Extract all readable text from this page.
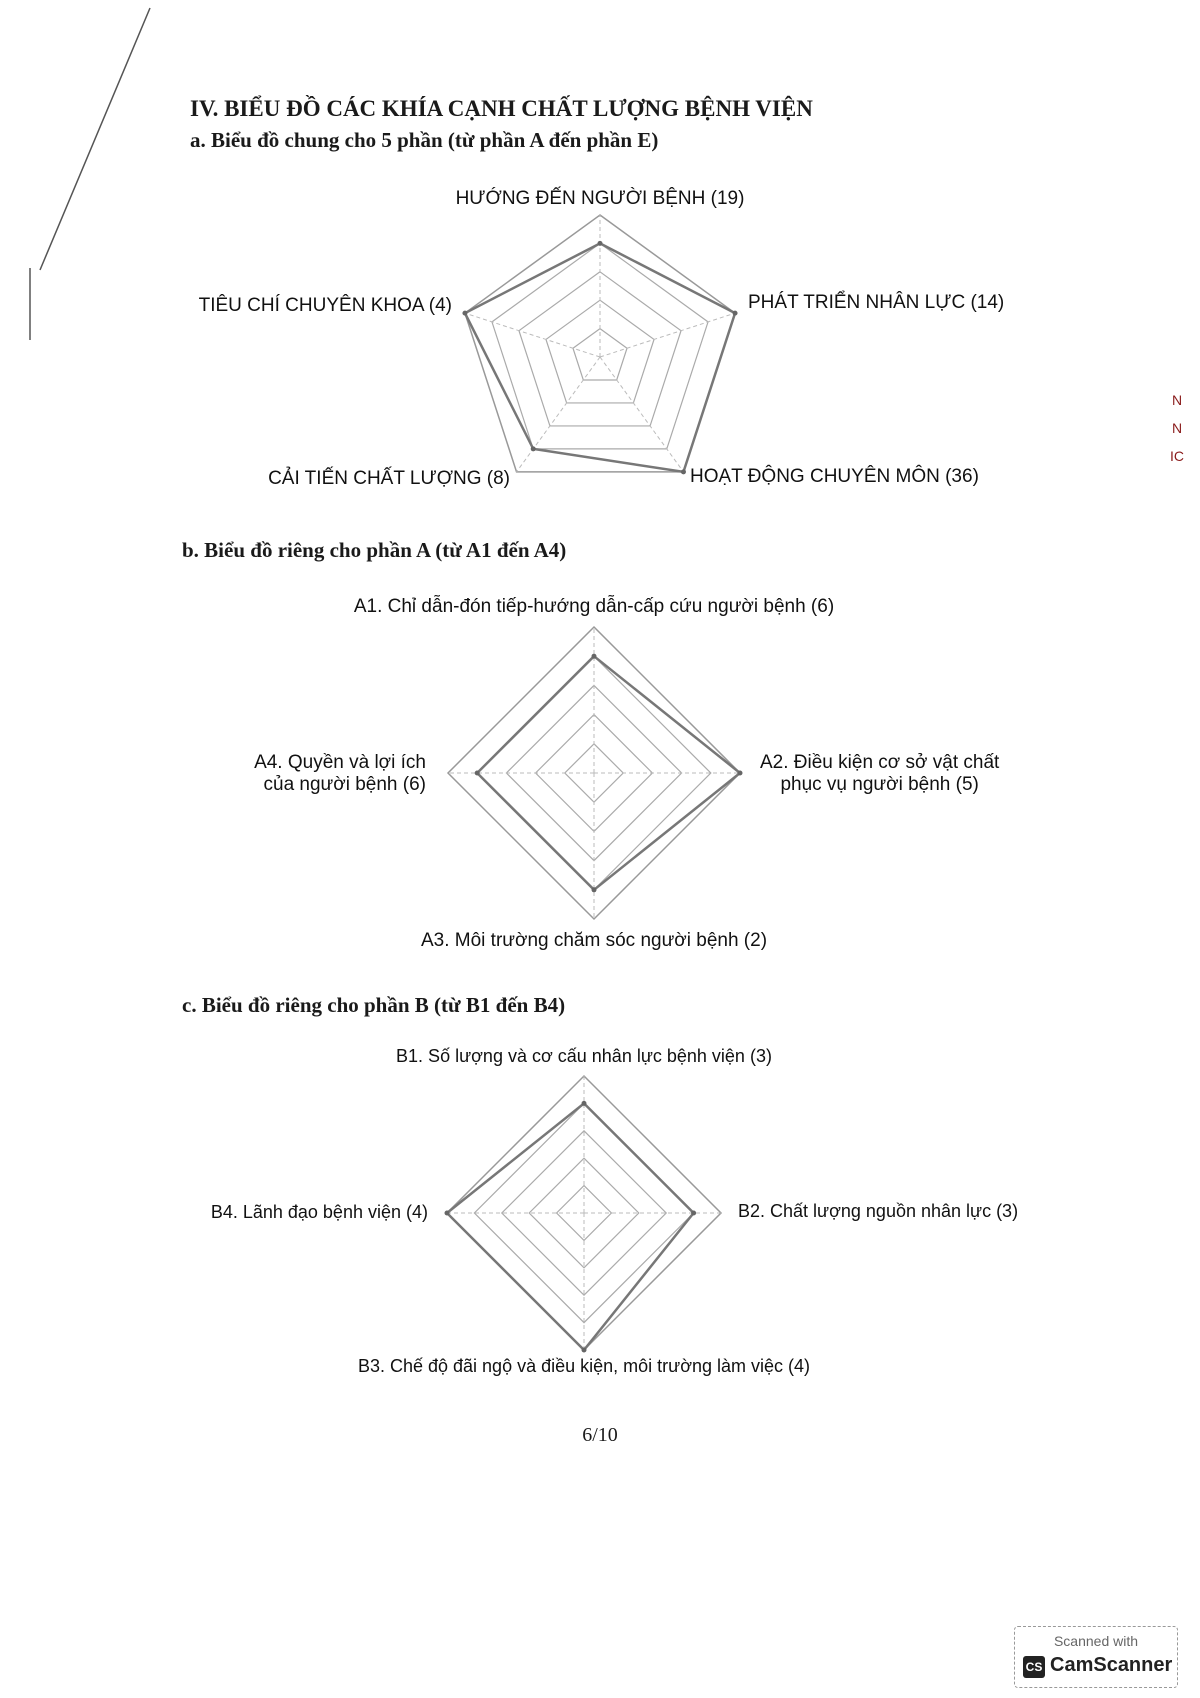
IV. BIỂU ĐỒ CÁC KHÍA CẠNH CHẤT LƯỢNG BỆNH VIỆN
a. Biểu đồ chung cho 5 phần (từ phần A đến phần E)
HƯỚNG ĐẾN NGƯỜI BỆNH (19)
PHÁT TRIỂN NHÂN LỰC (14)
HOẠT ĐỘNG CHUYÊN MÔN (36)
CẢI TIẾN CHẤT LƯỢNG (8)
TIÊU CHÍ CHUYÊN KHOA (4)
b. Biểu đồ riêng cho phần A (từ A1 đến A4)
A1. Chỉ dẫn-đón tiếp-hướng dẫn-cấp cứu người bệnh (6)
A2. Điều kiện cơ sở vật chất
phục vụ người bệnh (5)
A3. Môi trường chăm sóc người bệnh (2)
A4. Quyền và lợi ích
của người bệnh (6)
c. Biểu đồ riêng cho phần B (từ B1 đến B4)
B1. Số lượng và cơ cấu nhân lực bệnh viện (3)
B2. Chất lượng nguồn nhân lực (3)
B3. Chế độ đãi ngộ và điều kiện, môi trường làm việc (4)
B4. Lãnh đạo bệnh viện (4)
6/10
N
N
IC
Scanned with
CS CamScanner
